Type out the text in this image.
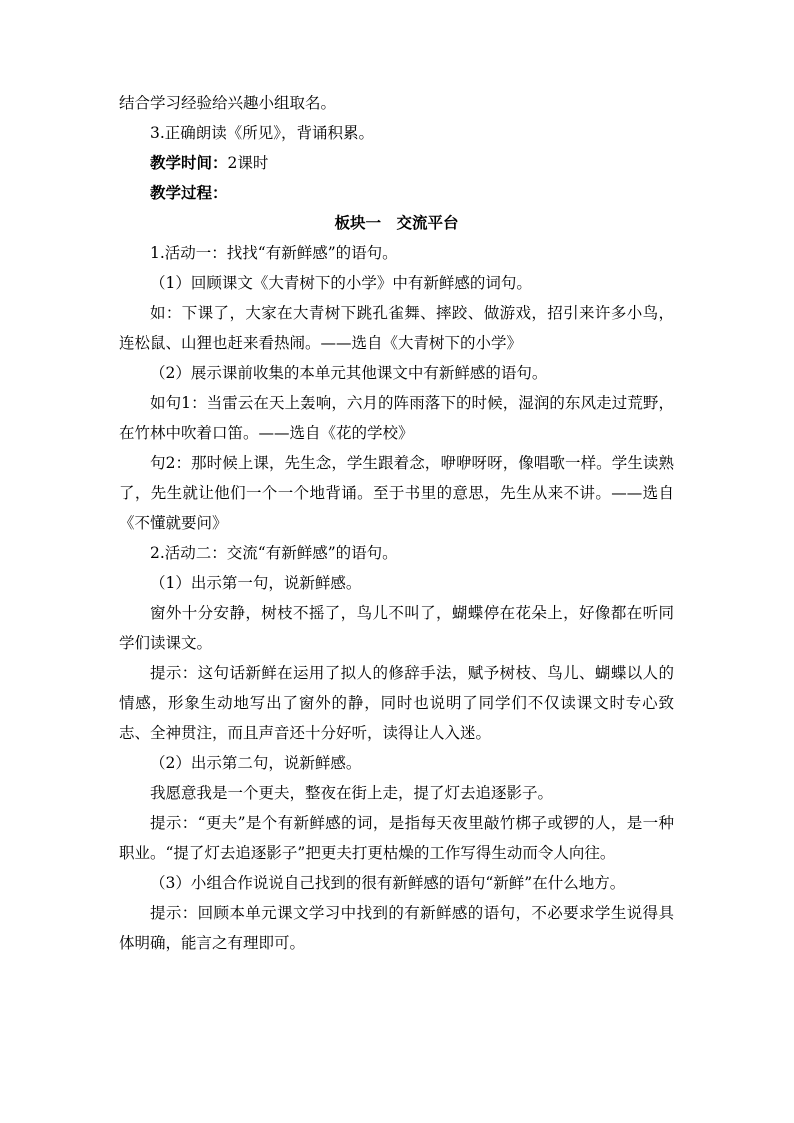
结合学习经验给兴趣小组取名。

3.正确朗读《所见》，背诵积累。

教学时间：2课时

教学过程：

板块一　交流平台

1.活动一：找找“有新鲜感”的语句。

（1）回顾课文《大青树下的小学》中有新鲜感的词句。

如：下课了，大家在大青树下跳孔雀舞、摔跤、做游戏，招引来许多小鸟，连松鼠、山狸也赶来看热闹。——选自《大青树下的小学》

（2）展示课前收集的本单元其他课文中有新鲜感的语句。

如句1：当雷云在天上轰响，六月的阵雨落下的时候，湿润的东风走过荒野，在竹林中吹着口笛。——选自《花的学校》

句2：那时候上课，先生念，学生跟着念，咿咿呀呀，像唱歌一样。学生读熟了，先生就让他们一个一个地背诵。至于书里的意思，先生从来不讲。——选自《不懂就要问》

2.活动二：交流“有新鲜感”的语句。

（1）出示第一句，说新鲜感。

窗外十分安静，树枝不摇了，鸟儿不叫了，蝴蝶停在花朵上，好像都在听同学们读课文。

提示：这句话新鲜在运用了拟人的修辞手法，赋予树枝、鸟儿、蝴蝶以人的情感，形象生动地写出了窗外的静，同时也说明了同学们不仅读课文时专心致志、全神贯注，而且声音还十分好听，读得让人入迷。

（2）出示第二句，说新鲜感。

我愿意我是一个更夫，整夜在街上走，提了灯去追逐影子。

提示：“更夫”是个有新鲜感的词，是指每天夜里敲竹梆子或锣的人，是一种职业。“提了灯去追逐影子”把更夫打更枯燥的工作写得生动而令人向往。

（3）小组合作说说自己找到的很有新鲜感的语句“新鲜”在什么地方。

提示：回顾本单元课文学习中找到的有新鲜感的语句，不必要求学生说得具体明确，能言之有理即可。
